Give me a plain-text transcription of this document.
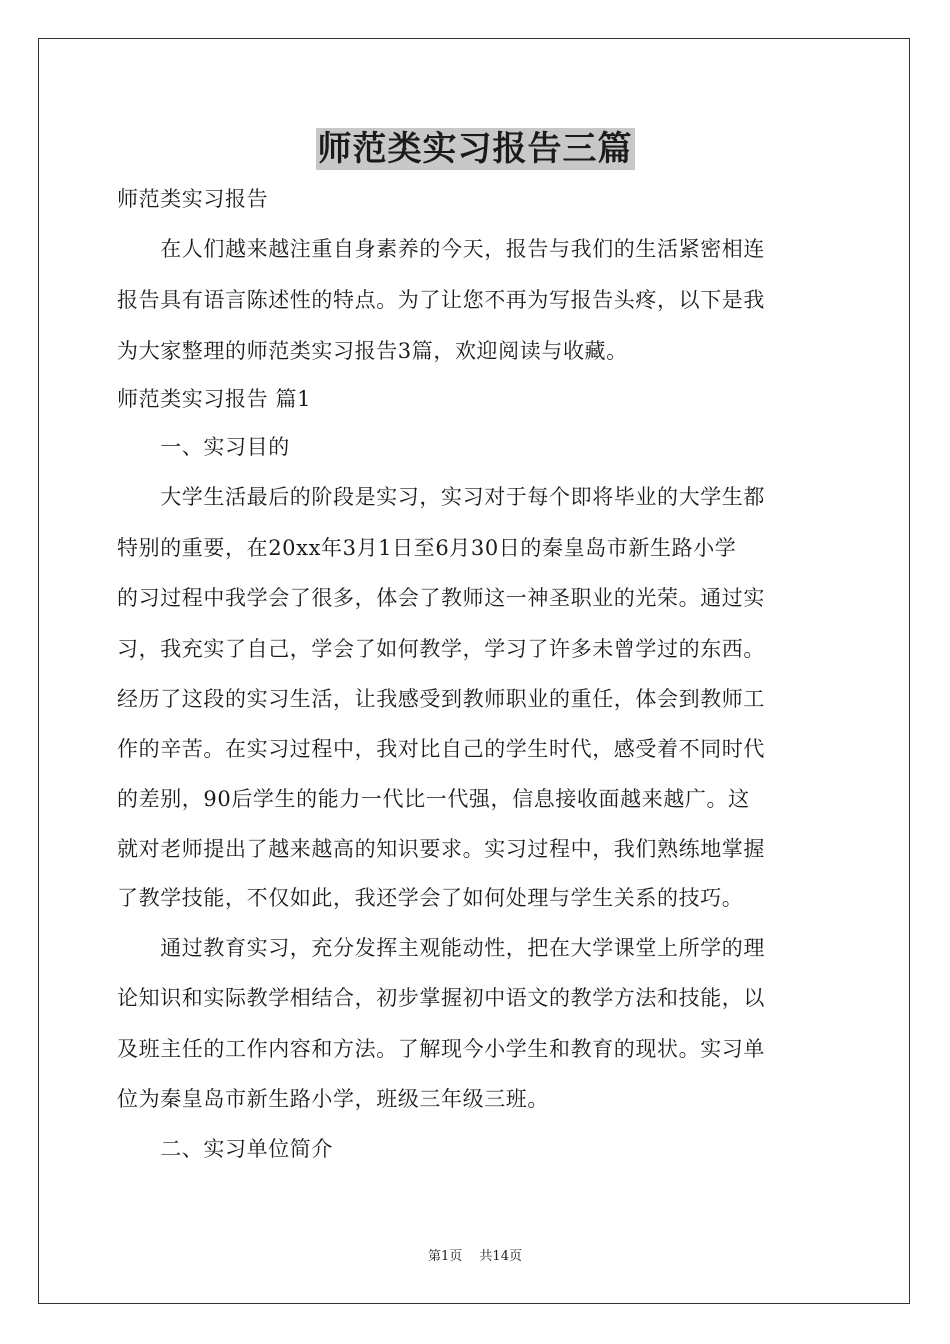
师范类实习报告三篇
师范类实习报告
　　在人们越来越注重自身素养的今天，报告与我们的生活紧密相连
报告具有语言陈述性的特点。为了让您不再为写报告头疼，以下是我
为大家整理的师范类实习报告3篇，欢迎阅读与收藏。
师范类实习报告 篇1
　　一、实习目的
　　大学生活最后的阶段是实习，实习对于每个即将毕业的大学生都
特别的重要，在20xx年3月1日至6月30日的秦皇岛市新生路小学
的习过程中我学会了很多，体会了教师这一神圣职业的光荣。通过实
习，我充实了自己，学会了如何教学，学习了许多未曾学过的东西。
经历了这段的实习生活，让我感受到教师职业的重任，体会到教师工
作的辛苦。在实习过程中，我对比自己的学生时代，感受着不同时代
的差别，90后学生的能力一代比一代强，信息接收面越来越广。这
就对老师提出了越来越高的知识要求。实习过程中，我们熟练地掌握
了教学技能，不仅如此，我还学会了如何处理与学生关系的技巧。
　　通过教育实习，充分发挥主观能动性，把在大学课堂上所学的理
论知识和实际教学相结合，初步掌握初中语文的教学方法和技能，以
及班主任的工作内容和方法。了解现今小学生和教育的现状。实习单
位为秦皇岛市新生路小学，班级三年级三班。
　　二、实习单位简介
第1页　 共14页
